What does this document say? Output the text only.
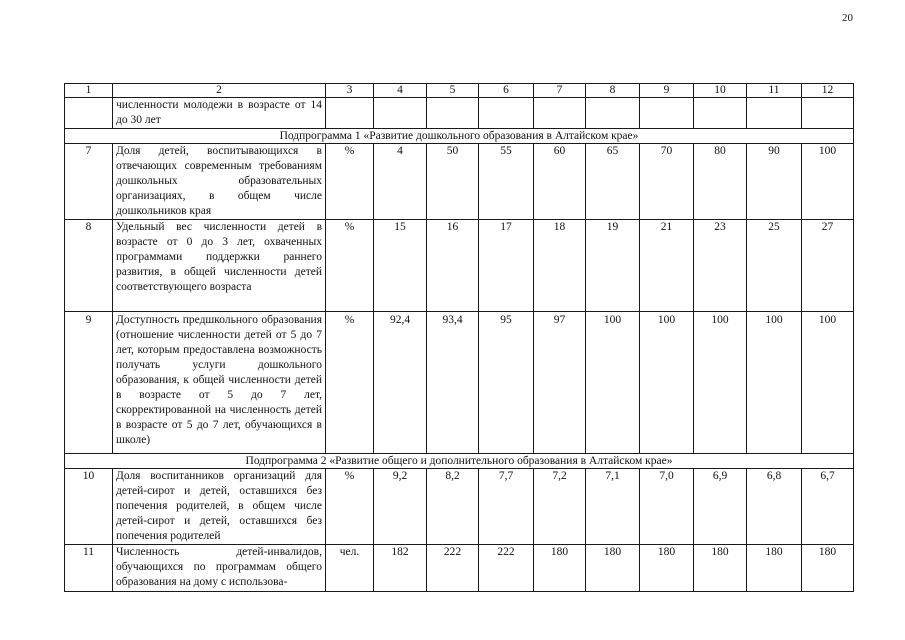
20
1	2	3	4	5	6	7	8	9	10	11	12
	численности молодежи в возрасте от 14 до 30 лет										
Подпрограмма 1 «Развитие дошкольного образования в Алтайском крае»											
7	Доля детей, воспитывающихся в отвечающих современным требованиям дошкольных образовательных организациях, в общем числе дошкольников края	%	4	50	55	60	65	70	80	90	100
8	Удельный вес численности детей в возрасте от 0 до 3 лет, охваченных программами поддержки раннего развития, в общей численности детей соответствующего возраста	%	15	16	17	18	19	21	23	25	27
9	Доступность предшкольного образования (отношение численности детей от 5 до 7 лет, которым предоставлена возможность получать услуги дошкольного образования, к общей численности детей в возрасте от 5 до 7 лет, скорректированной на численность детей в возрасте от 5 до 7 лет, обучающихся в школе)	%	92,4	93,4	95	97	100	100	100	100	100
Подпрограмма 2 «Развитие общего и дополнительного образования в Алтайском крае»											
10	Доля воспитанников организаций для детей-сирот и детей, оставшихся без попечения родителей, в общем числе детей-сирот и детей, оставшихся без попечения родителей	%	9,2	8,2	7,7	7,2	7,1	7,0	6,9	6,8	6,7
11	Численность детей-инвалидов, обучающихся по программам общего образования на дому с использова-	чел.	182	222	222	180	180	180	180	180	180
